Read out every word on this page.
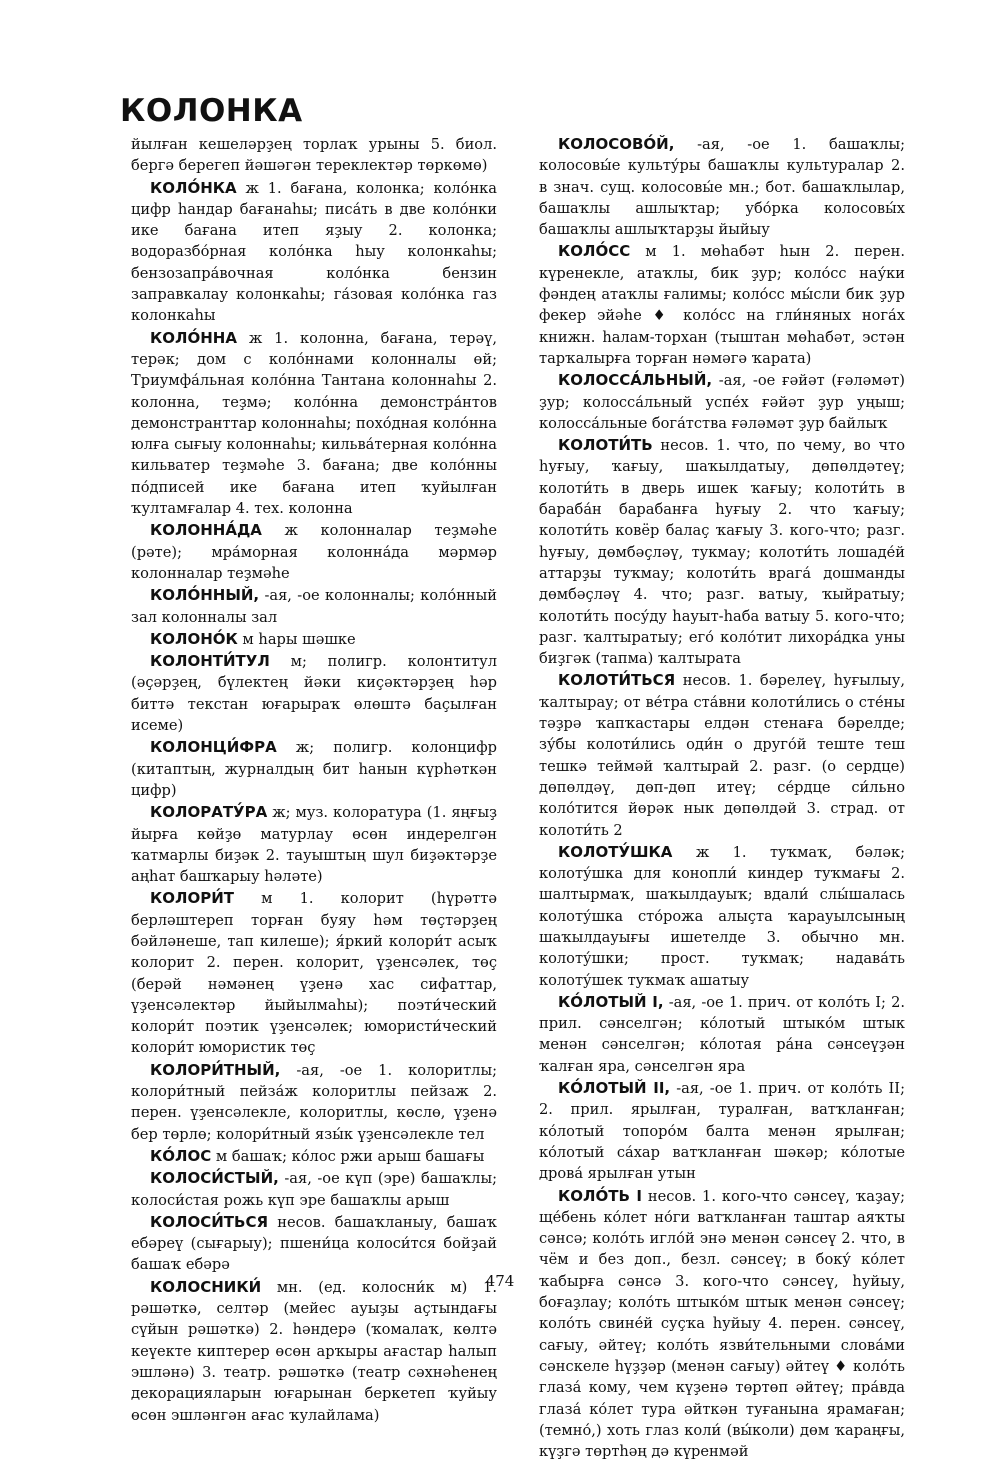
КОЛОНКА

йылған кешеләрҙең торлаҡ урыны 5. биол. бергә берегеп йәшәгән тереклектәр төркөмө)

КОЛО́НКА ж 1. бағана, колонка; коло́нка цифр һандар бағанаһы; писа́ть в две коло́нки ике бағана итеп яҙыу 2. колонка; водоразбо́рная коло́нка һыу колонкаһы; бензозапра́вочная коло́нка бензин заправкалау колонкаһы; га́зовая коло́нка газ колонкаһы

КОЛО́ННА ж 1. колонна, бағана, терәү, терәк; дом с коло́ннами колонналы өй; Триумфа́льная коло́нна Тантана колоннаһы 2. колонна, теҙмә; коло́нна демонстра́нтов демонстранттар колоннаһы; похо́дная коло́нна юлға сығыу колоннаһы; кильва́терная коло́нна кильватер теҙмәһе 3. бағана; две коло́нны по́дписей ике бағана итеп ҡуйылған ҡултамғалар 4. тех. колонна

КОЛОННА́ДА ж колонналар теҙмәһе (рәте); мра́морная колонна́да мәрмәр колонналар теҙмәһе

КОЛО́ННЫЙ, -ая, -ое колонналы; коло́нный зал колонналы зал

КОЛОНО́К м һары шәшке

КОЛОНТИ́ТУЛ м; полигр. колонтитул (әҫәрҙең, бүлектең йәки киҫәктәрҙең һәр биттә текстан юғарыраҡ өлөштә баҫылған исеме)

КОЛОНЦИ́ФРА ж; полигр. колонцифр (китаптың, журналдың бит һанын күрһәткән цифр)

КОЛОРАТУ́РА ж; муз. колоратура (1. яңғыҙ йырға көйҙө матурлау өсөн индерелгән ҡатмарлы биҙәк 2. тауыштың шул биҙәктәрҙе аңһат башҡарыу һәләте)

КОЛОРИ́Т м 1. колорит (һүрәттә берләштереп торған буяу һәм төҫтәрҙең бәйләнеше, тап килеше); я́ркий колори́т асыҡ колорит 2. перен. колорит, үҙенсәлек, төҫ (берәй нәмәнең үҙенә хас сифаттар, үҙенсәлектәр йыйылмаһы); поэти́ческий колори́т поэтик үҙенсәлек; юмористи́ческий колори́т юмористик төҫ

КОЛОРИ́ТНЫЙ, -ая, -ое 1. колоритлы; колори́тный пейза́ж колоритлы пейзаж 2. перен. үҙенсәлекле, колоритлы, көслө, үҙенә бер төрлө; колори́тный язы́к үҙенсәлекле тел

КО́ЛОС м башаҡ; ко́лос ржи арыш башағы

КОЛОСИ́СТЫЙ, -ая, -ое күп (эре) башаҡлы; колоси́стая рожь күп эре башаҡлы арыш

КОЛОСИ́ТЬСЯ несов. башаҡланыу, башаҡ ебәреү (сығарыу); пшени́ца колоси́тся бойҙай башаҡ ебәрә

КОЛОСНИКИ́ мн. (ед. колосни́к м) 1. рәшәткә, селтәр (мейес ауыҙы аҫтындағы сүйын рәшәткә) 2. һәндерә (ҡомалаҡ, көлтә кеүекте киптерер өсөн арҡыры ағастар һалып эшләнә) 3. театр. рәшәткә (театр сәхнәһенең декорацияларын юғарынан беркетеп ҡуйыу өсөн эшләнгән ағас ҡулайлама)

КОЛОСОВО́Й, -ая, -ое 1. башаҡлы; колосовы́е культу́ры башаҡлы культуралар 2. в знач. сущ. колосовы́е мн.; бот. башаҡлылар, башаҡлы ашлыҡтар; убо́рка колосовы́х башаҡлы ашлыҡтарҙы йыйыу

КОЛО́СС м 1. мөһабәт һын 2. перен. күренекле, атаҡлы, бик ҙур; коло́сс нау́ки фәндең атаҡлы ғалимы; коло́сс мы́сли бик ҙур фекер эйәһе ♦ коло́сс на гли́няных нога́х книжн. һалам-торхан (тыштан мөһабәт, эстән тарҡалырға торған нәмәгә ҡарата)

КОЛОССА́ЛЬНЫЙ, -ая, -ое ғәйәт (ғәләмәт) ҙур; колосса́льный успе́х ғәйәт ҙур уңыш; колосса́льные бога́тства ғәләмәт ҙур байлыҡ

КОЛОТИ́ТЬ несов. 1. что, по чему, во что һуғыу, ҡағыу, шаҡылдатыу, дөпөлдәтеү; колоти́ть в дверь ишек ҡағыу; колоти́ть в бараба́н барабанға һуғыу 2. что ҡағыу; колоти́ть ковёр балаҫ ҡағыу 3. кого-что; разг. һуғыу, дөмбәҫләү, тукмау; колоти́ть лошаде́й аттарҙы туҡмау; колоти́ть врага́ дошманды дөмбәҫләү 4. что; разг. ватыу, ҡыйратыу; колоти́ть посу́ду һауыт-һаба ватыу 5. кого-что; разг. ҡалтыратыу; его́ коло́тит лихора́дка уны биҙгәк (тапма) ҡалтырата

КОЛОТИ́ТЬСЯ несов. 1. бәрелеү, һуғылыу, ҡалтырау; от ве́тра ста́вни колоти́лись о сте́ны тәҙрә ҡапҡастары елдән стенаға бәрелде; зу́бы колоти́лись оди́н о друго́й теште теш тешкә теймәй ҡалтырай 2. разг. (о сердце) дөпөлдәү, дөп-дөп итеү; се́рдце си́льно коло́тится йөрәк нык дөпөлдәй 3. страд. от колоти́ть 2

КОЛОТУ́ШКА ж 1. туҡмаҡ, бәләк; колоту́шка для конопли́ киндер туҡмағы 2. шалтырмаҡ, шаҡылдауыҡ; вдали́ слы́шалась колоту́шка сто́рожа алыҫта ҡарауылсының шаҡылдауығы ишетелде 3. обычно мн. колоту́шки; прост. туҡмаҡ; надава́ть колоту́шек туҡмаҡ ашатыу

КО́ЛОТЫЙ I, -ая, -ое 1. прич. от коло́ть I; 2. прил. сәнселгән; ко́лотый штыко́м штык менән сәнселгән; ко́лотая ра́на сәнсеүҙән ҡалған яра, сәнселгән яра

КО́ЛОТЫЙ II, -ая, -ое 1. прич. от коло́ть II; 2. прил. ярылған, туралған, ватҡланған; ко́лотый топоро́м балта менән ярылған; ко́лотый са́хар ватҡланған шәкәр; ко́лотые дрова́ ярылған утын

КОЛО́ТЬ I несов. 1. кого-что сәнсеү, ҡаҙау; ще́бень ко́лет но́ги ватҡланған таштар аяҡты сәнсә; коло́ть игло́й энә менән сәнсеү 2. что, в чём и без доп., безл. сәнсеү; в боку́ ко́лет ҡабырға сәнсә 3. кого-что сәнсеү, һуйыу, боғаҙлау; коло́ть штыко́м штык менән сәнсеү; коло́ть свине́й суҫҡа һуйыу 4. перен. сәнсеү, сағыу, әйтеү; коло́ть язви́тельными слова́ми сәнскеле һүҙҙәр (менән сағыу) әйтеү ♦ коло́ть глаза́ кому, чем күҙенә төртөп әйтеү; пра́вда глаза́ ко́лет тура әйткән туғанына ярамаған; (темно́,) хоть глаз коли́ (вы́коли) дөм ҡараңғы, күҙгә төртһәң дә күренмәй

474
